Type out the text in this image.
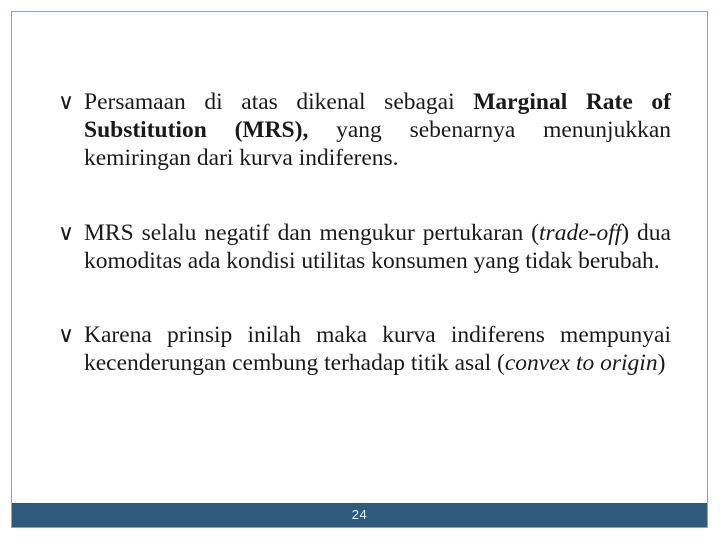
∨ Persamaan di atas dikenal sebagai Marginal Rate of Substitution (MRS), yang sebenarnya menunjukkan kemiringan dari kurva indiferens.
∨ MRS selalu negatif dan mengukur pertukaran (trade-off) dua komoditas ada kondisi utilitas konsumen yang tidak berubah.
∨ Karena prinsip inilah maka kurva indiferens mempunyai kecenderungan cembung terhadap titik asal (convex to origin)
24
